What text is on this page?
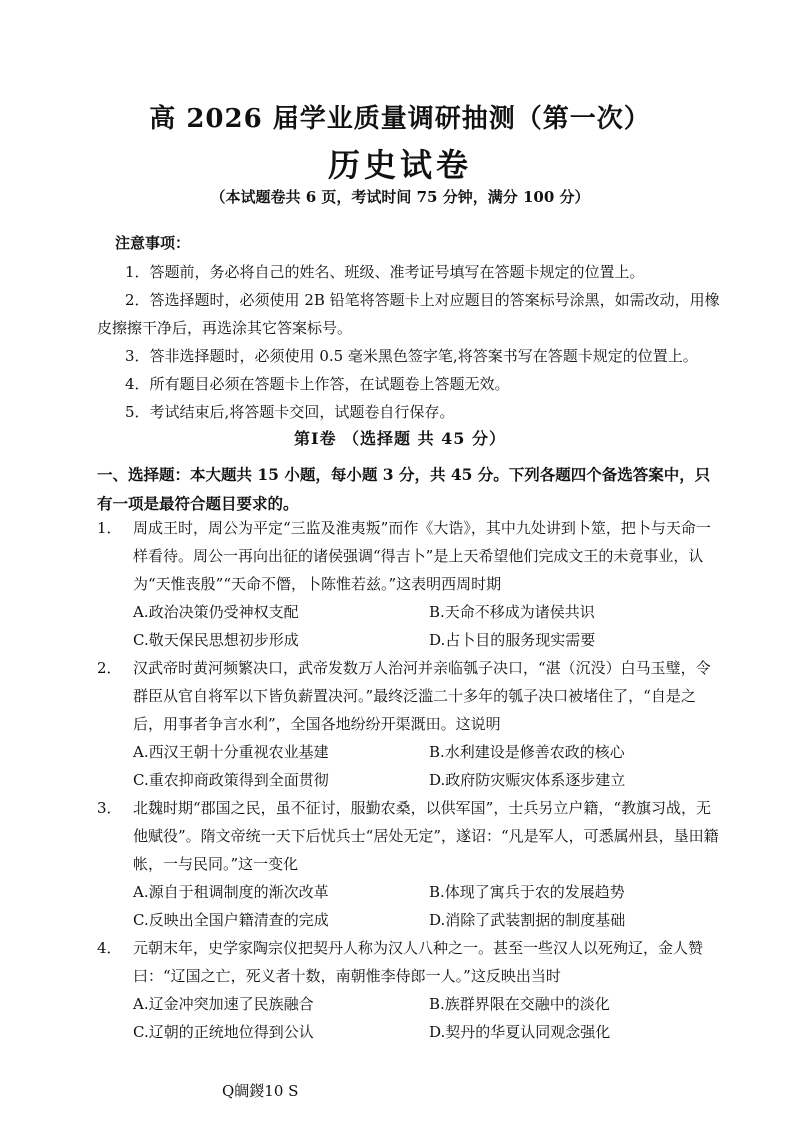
高 2026 届学业质量调研抽测（第一次）
历史试卷
（本试题卷共 6 页，考试时间 75 分钟，满分 100 分）
注意事项：
1．答题前，务必将自己的姓名、班级、准考证号填写在答题卡规定的位置上。
2．答选择题时，必须使用 2B 铅笔将答题卡上对应题目的答案标号涂黑，如需改动，用橡皮擦擦干净后，再选涂其它答案标号。
3．答非选择题时，必须使用 0.5 毫米黑色签字笔,将答案书写在答题卡规定的位置上。
4．所有题目必须在答题卡上作答，在试题卷上答题无效。
5．考试结束后,将答题卡交回，试题卷自行保存。
第Ⅰ卷 （选择题 共 45 分）
一、选择题：本大题共 15 小题，每小题 3 分，共 45 分。下列各题四个备选答案中，只有一项是最符合题目要求的。
1． 周成王时，周公为平定“三监及淮夷叛”而作《大诰》，其中九处讲到卜筮，把卜与天命一样看待。周公一再向出征的诸侯强调“得吉卜”是上天希望他们完成文王的未竟事业，认为“天惟丧殷”“天命不僭，卜陈惟若兹。”这表明西周时期
A.政治决策仍受神权支配	B.天命不移成为诸侯共识
C.敬天保民思想初步形成	D.占卜目的服务现实需要
2． 汉武帝时黄河频繁决口，武帝发数万人治河并亲临瓠子决口，“湛（沉没）白马玉璧，令群臣从官自将军以下皆负薪置决河。”最终泛滥二十多年的瓠子决口被堵住了，“自是之后，用事者争言水利”，全国各地纷纷开渠溉田。这说明
A.西汉王朝十分重视农业基建	B.水利建设是修善农政的核心
C.重农抑商政策得到全面贯彻	D.政府防灾赈灾体系逐步建立
3． 北魏时期“郡国之民，虽不征讨，服勤农桑，以供军国”，士兵另立户籍，“教旗习战，无他赋役”。隋文帝统一天下后忧兵士“居处无定”，遂诏：“凡是军人，可悉属州县，垦田籍帐，一与民同。”这一变化
A.源自于租调制度的渐次改革	B.体现了寓兵于农的发展趋势
C.反映出全国户籍清查的完成	D.消除了武装割据的制度基础
4． 元朝末年，史学家陶宗仪把契丹人称为汉人八种之一。甚至一些汉人以死殉辽，金人赞曰：“辽国之亡，死义者十数，南朝惟李侍郎一人。”这反映出当时
A.辽金冲突加速了民族融合	B.族群界限在交融中的淡化
C.辽朝的正统地位得到公认	D.契丹的华夏认同观念强化
Q皗鍐10 S
